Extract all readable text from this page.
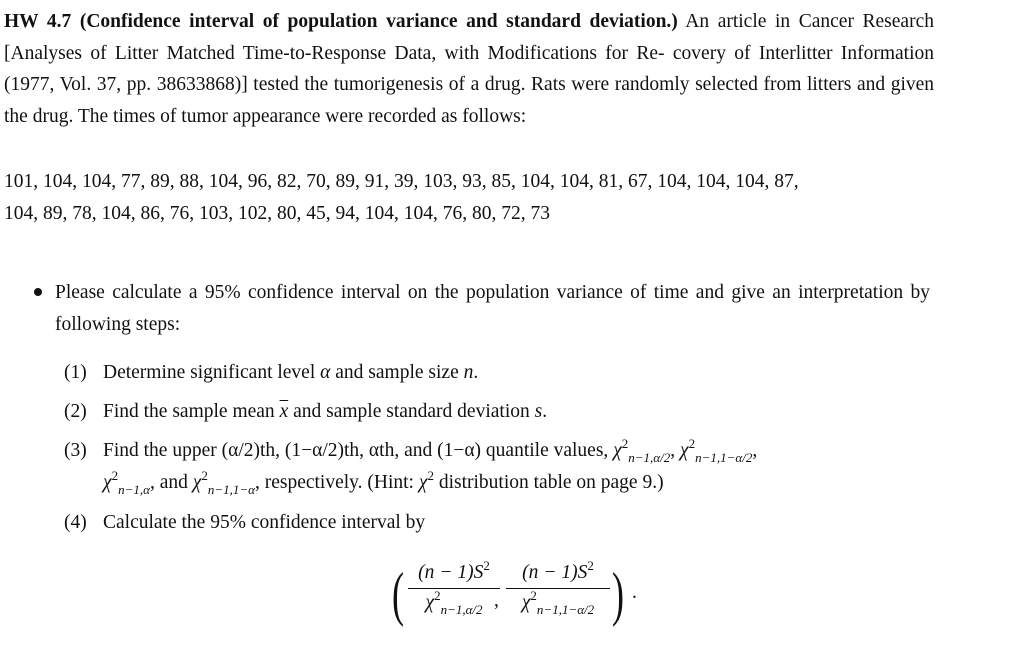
HW 4.7 (Confidence interval of population variance and standard deviation.) An article in Cancer Research [Analyses of Litter Matched Time-to-Response Data, with Modifications for Re- covery of Interlitter Information (1977, Vol. 37, pp. 38633868)] tested the tumorigenesis of a drug. Rats were randomly selected from litters and given the drug. The times of tumor appearance were recorded as follows:
101, 104, 104, 77, 89, 88, 104, 96, 82, 70, 89, 91, 39, 103, 93, 85, 104, 104, 81, 67, 104, 104, 104, 87,
104, 89, 78, 104, 86, 76, 103, 102, 80, 45, 94, 104, 104, 76, 80, 72, 73
Please calculate a 95% confidence interval on the population variance of time and give an interpretation by following steps:
(1) Determine significant level α and sample size n.
(2) Find the sample mean $\overline{x}$ and sample standard deviation s.
(3) Find the upper (α/2)th, (1−α/2)th, αth, and (1−α) quantile values, $\chi^2_{n-1,\alpha/2}$, $\chi^2_{n-1,1-\alpha/2}$,
$\chi^2_{n-1,\alpha}$, and $\chi^2_{n-1,1-\alpha}$, respectively. (Hint: $\chi^2$ distribution table on page 9.)
(4) Calculate the 95% confidence interval by
( $\frac{(n - 1)S^2}{\chi^2_{n-1,\alpha/2}}$
, $\frac{(n - 1)S^2}{\chi^2_{n-1,1-\alpha/2}}$ ) .
